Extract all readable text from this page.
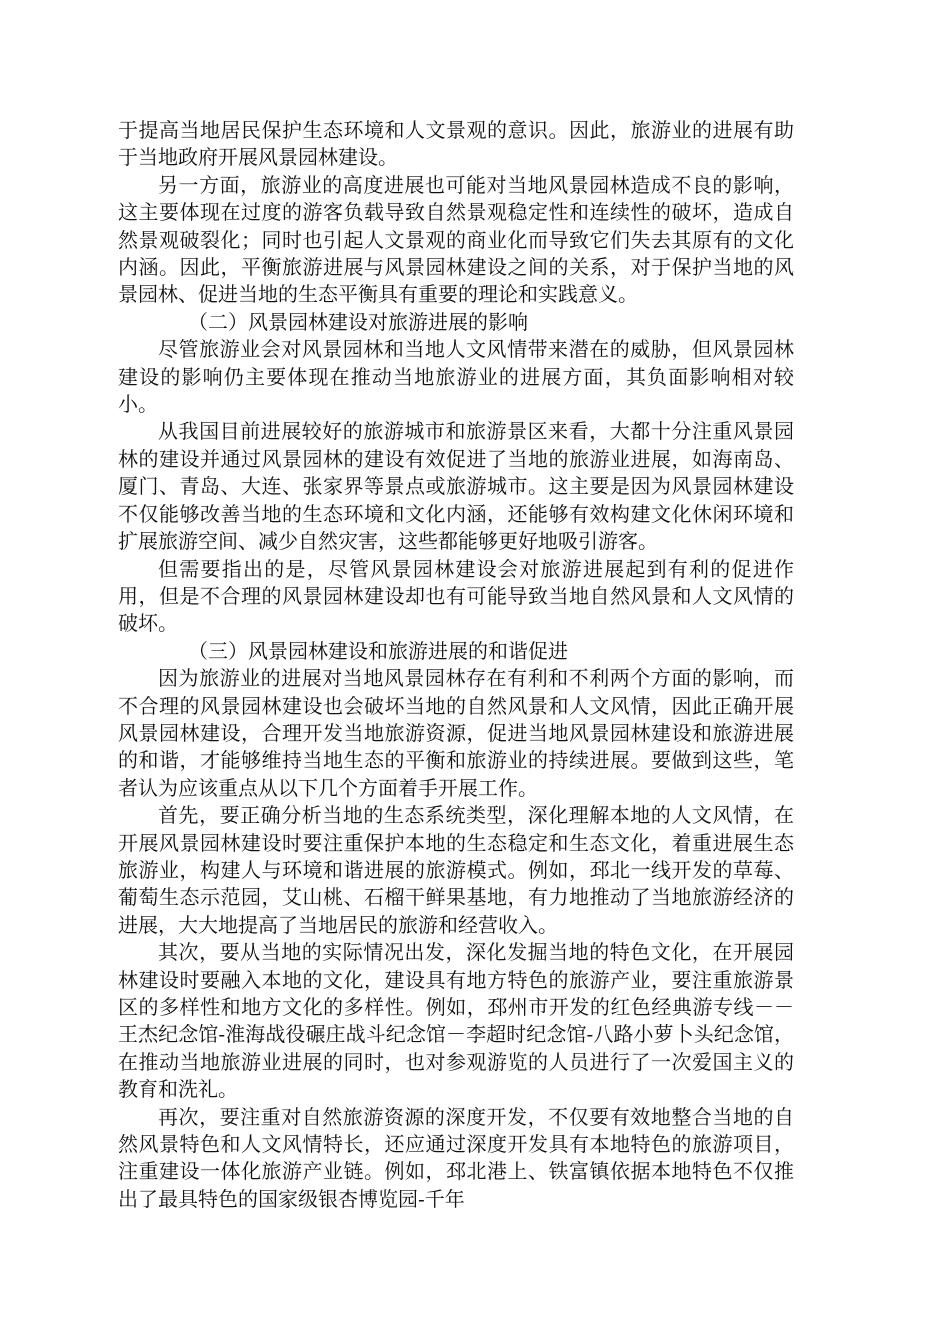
于提高当地居民保护生态环境和人文景观的意识。因此，旅游业的进展有助于当地政府开展风景园林建设。

另一方面，旅游业的高度进展也可能对当地风景园林造成不良的影响，这主要体现在过度的游客负载导致自然景观稳定性和连续性的破坏，造成自然景观破裂化；同时也引起人文景观的商业化而导致它们失去其原有的文化内涵。因此，平衡旅游进展与风景园林建设之间的关系，对于保护当地的风景园林、促进当地的生态平衡具有重要的理论和实践意义。

（二）风景园林建设对旅游进展的影响

尽管旅游业会对风景园林和当地人文风情带来潜在的威胁，但风景园林建设的影响仍主要体现在推动当地旅游业的进展方面，其负面影响相对较小。

从我国目前进展较好的旅游城市和旅游景区来看，大都十分注重风景园林的建设并通过风景园林的建设有效促进了当地的旅游业进展，如海南岛、厦门、青岛、大连、张家界等景点或旅游城市。这主要是因为风景园林建设不仅能够改善当地的生态环境和文化内涵，还能够有效构建文化休闲环境和扩展旅游空间、减少自然灾害，这些都能够更好地吸引游客。

但需要指出的是，尽管风景园林建设会对旅游进展起到有利的促进作用，但是不合理的风景园林建设却也有可能导致当地自然风景和人文风情的破坏。

（三）风景园林建设和旅游进展的和谐促进

因为旅游业的进展对当地风景园林存在有利和不利两个方面的影响，而不合理的风景园林建设也会破坏当地的自然风景和人文风情，因此正确开展风景园林建设，合理开发当地旅游资源，促进当地风景园林建设和旅游进展的和谐，才能够维持当地生态的平衡和旅游业的持续进展。要做到这些，笔者认为应该重点从以下几个方面着手开展工作。

首先，要正确分析当地的生态系统类型，深化理解本地的人文风情，在开展风景园林建设时要注重保护本地的生态稳定和生态文化，着重进展生态旅游业，构建人与环境和谐进展的旅游模式。例如，邳北一线开发的草莓、葡萄生态示范园，艾山桃、石榴干鲜果基地，有力地推动了当地旅游经济的进展，大大地提高了当地居民的旅游和经营收入。

其次，要从当地的实际情况出发，深化发掘当地的特色文化，在开展园林建设时要融入本地的文化，建设具有地方特色的旅游产业，要注重旅游景区的多样性和地方文化的多样性。例如，邳州市开发的红色经典游专线－－王杰纪念馆-淮海战役碾庄战斗纪念馆－李超时纪念馆-八路小萝卜头纪念馆，在推动当地旅游业进展的同时，也对参观游览的人员进行了一次爱国主义的教育和洗礼。

再次，要注重对自然旅游资源的深度开发，不仅要有效地整合当地的自然风景特色和人文风情特长，还应通过深度开发具有本地特色的旅游项目，注重建设一体化旅游产业链。例如，邳北港上、铁富镇依据本地特色不仅推出了最具特色的国家级银杏博览园-千年
